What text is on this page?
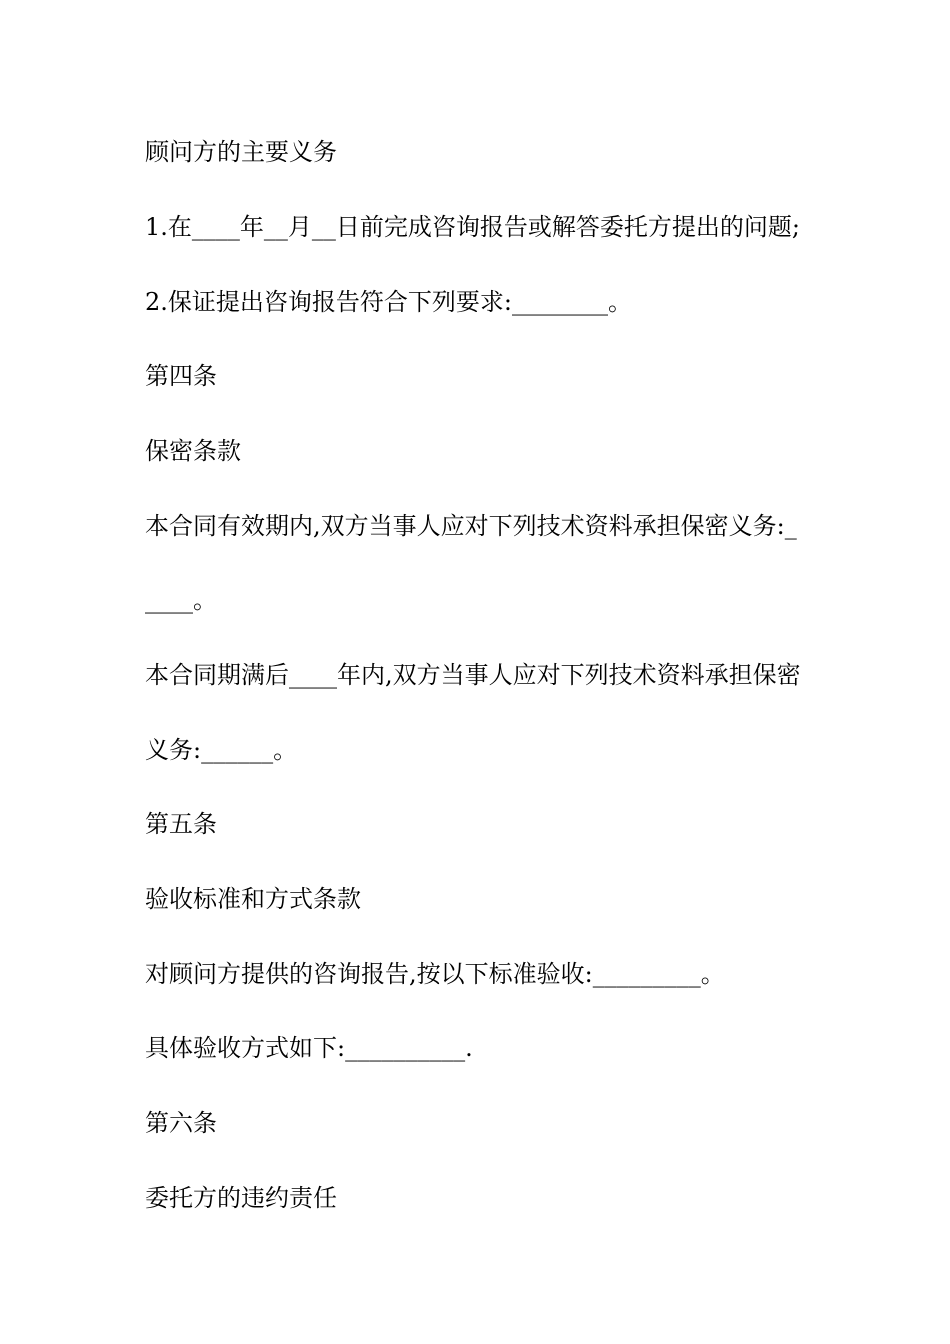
顾问方的主要义务
1.在____年__月__日前完成咨询报告或解答委托方提出的问题;
2.保证提出咨询报告符合下列要求:________。
第四条
保密条款
本合同有效期内,双方当事人应对下列技术资料承担保密义务:_
____。
本合同期满后____年内,双方当事人应对下列技术资料承担保密
义务:______。
第五条
验收标准和方式条款
对顾问方提供的咨询报告,按以下标准验收:_________。
具体验收方式如下:__________.
第六条
委托方的违约责任
